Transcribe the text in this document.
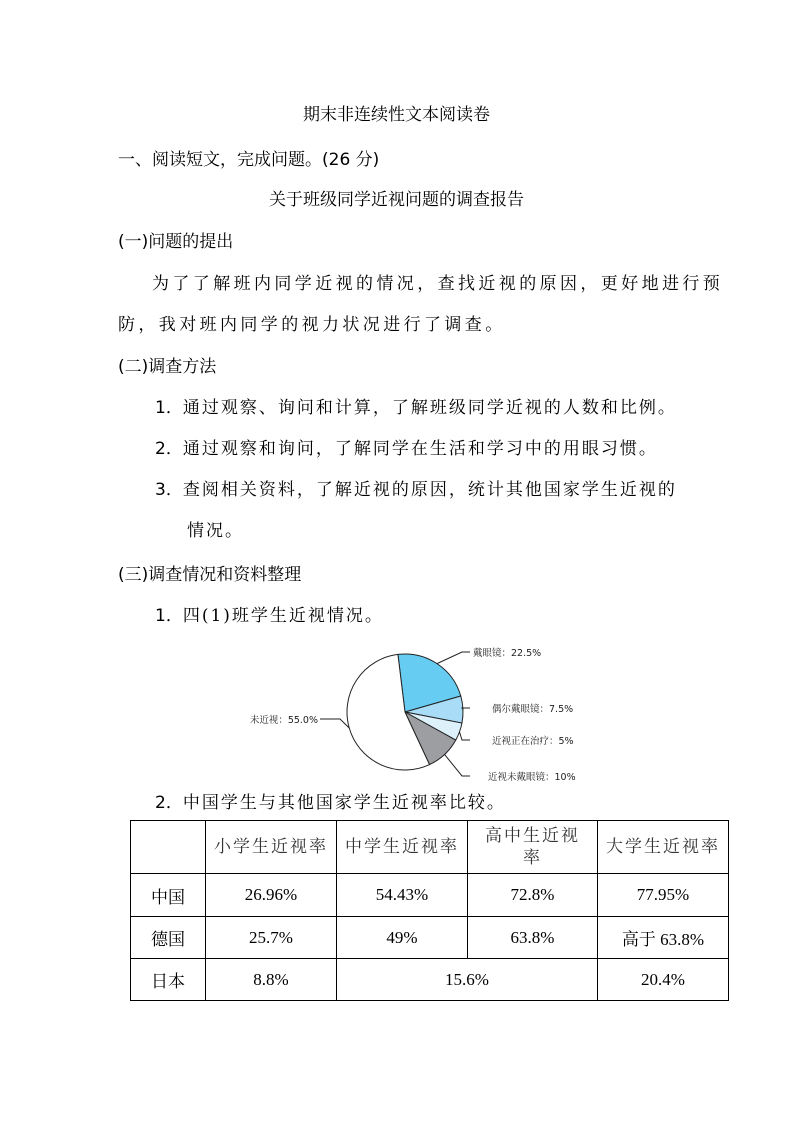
期末非连续性文本阅读卷
一、阅读短文，完成问题。(26 分)
关于班级同学近视问题的调查报告
(一)问题的提出
为了了解班内同学近视的情况，查找近视的原因，更好地进行预
防，我对班内同学的视力状况进行了调查。
(二)调查方法
1．通过观察、询问和计算，了解班级同学近视的人数和比例。
2．通过观察和询问，了解同学在生活和学习中的用眼习惯。
3．查阅相关资料，了解近视的原因，统计其他国家学生近视的
情况。
(三)调查情况和资料整理
1．四(1)班学生近视情况。
戴眼镜：22.5%
偶尔戴眼镜：7.5%
近视正在治疗：5%
近视未戴眼镜：10%
未近视：55.0%
2．中国学生与其他国家学生近视率比较。
	小学生近视率	中学生近视率	高中生近视率	大学生近视率
中国	26.96%	54.43%	72.8%	77.95%
德国	25.7%	49%	63.8%	高于 63.8%
日本	8.8%	15.6%		20.4%
